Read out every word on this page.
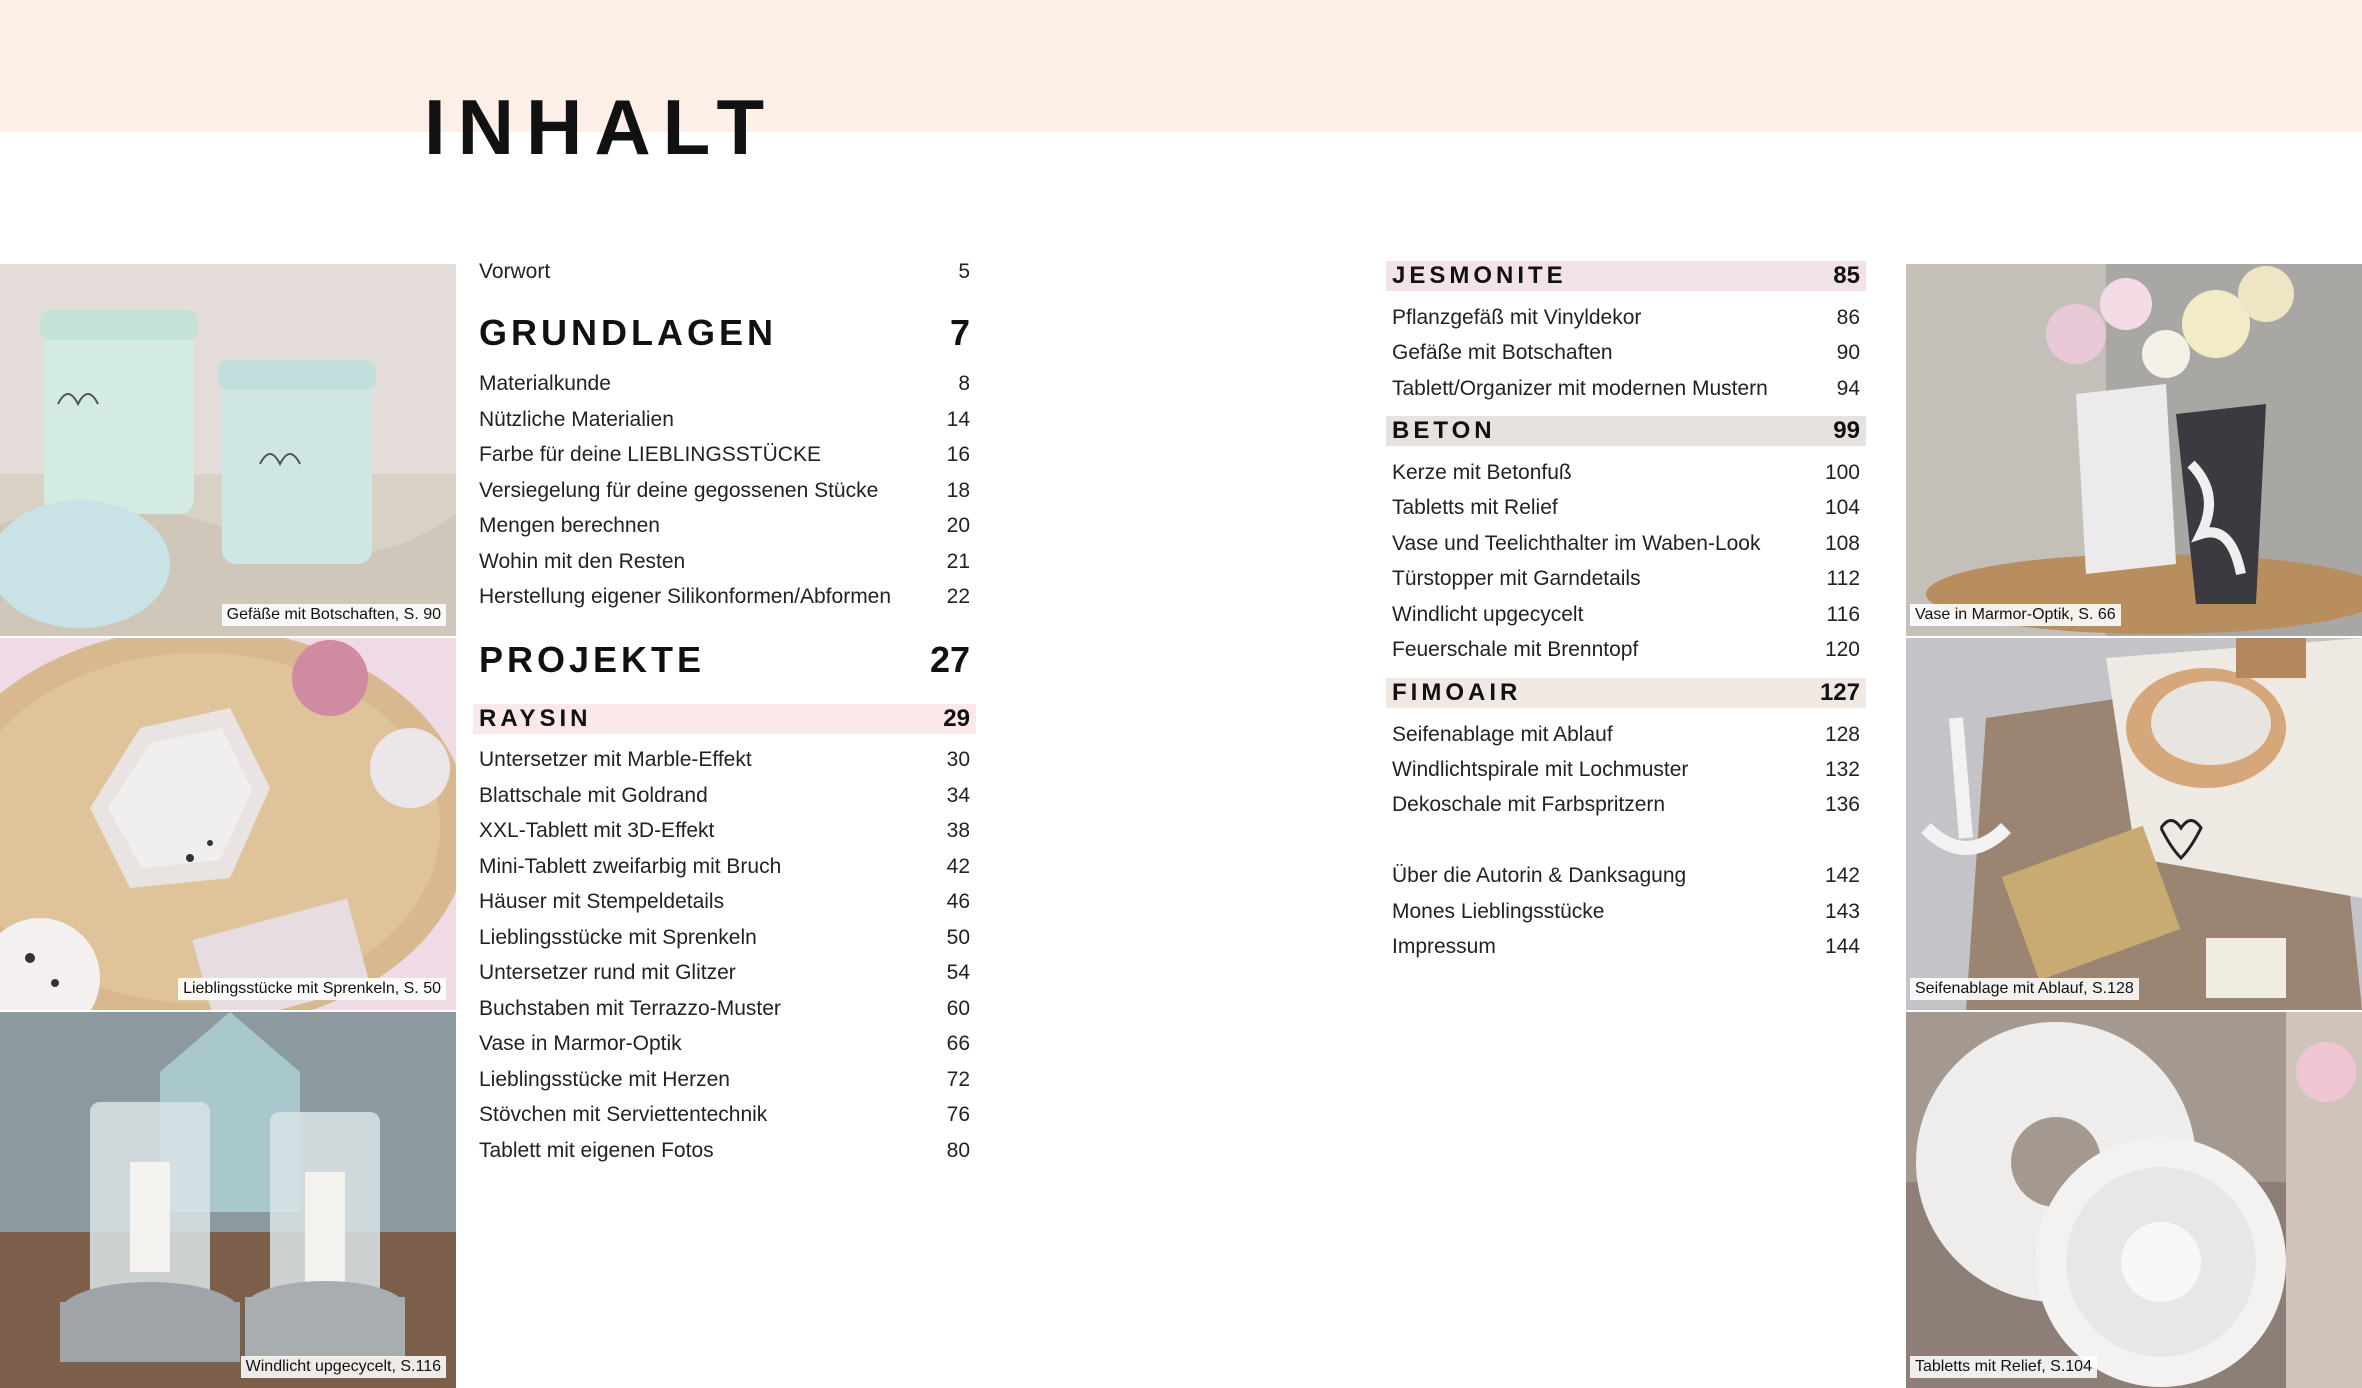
INHALT
Gefäße mit Botschaften, S. 90
Lieblingsstücke mit Sprenkeln, S. 50
Windlicht upgecycelt, S.116
Vase in Marmor-Optik, S. 66
Seifenablage mit Ablauf, S.128
Tabletts mit Relief, S.104
Vorwort	5
GRUNDLAGEN	7
Materialkunde	8
Nützliche Materialien	14
Farbe für deine LIEBLINGSSTÜCKE	16
Versiegelung für deine gegossenen Stücke	18
Mengen berechnen	20
Wohin mit den Resten	21
Herstellung eigener Silikonformen/Abformen	22
PROJEKTE	27
RAYSIN	29
Untersetzer mit Marble-Effekt	30
Blattschale mit Goldrand	34
XXL-Tablett mit 3D-Effekt	38
Mini-Tablett zweifarbig mit Bruch	42
Häuser mit Stempeldetails	46
Lieblingsstücke mit Sprenkeln	50
Untersetzer rund mit Glitzer	54
Buchstaben mit Terrazzo-Muster	60
Vase in Marmor-Optik	66
Lieblingsstücke mit Herzen	72
Stövchen mit Serviettentechnik	76
Tablett mit eigenen Fotos	80
JESMONITE	85
Pflanzgefäß mit Vinyldekor	86
Gefäße mit Botschaften	90
Tablett/Organizer mit modernen Mustern	94
BETON	99
Kerze mit Betonfuß	100
Tabletts mit Relief	104
Vase und Teelichthalter im Waben-Look	108
Türstopper mit Garndetails	112
Windlicht upgecycelt	116
Feuerschale mit Brenntopf	120
FIMOAIR	127
Seifenablage mit Ablauf	128
Windlichtspirale mit Lochmuster	132
Dekoschale mit Farbspritzern	136
Über die Autorin & Danksagung	142
Mones Lieblingsstücke	143
Impressum	144
